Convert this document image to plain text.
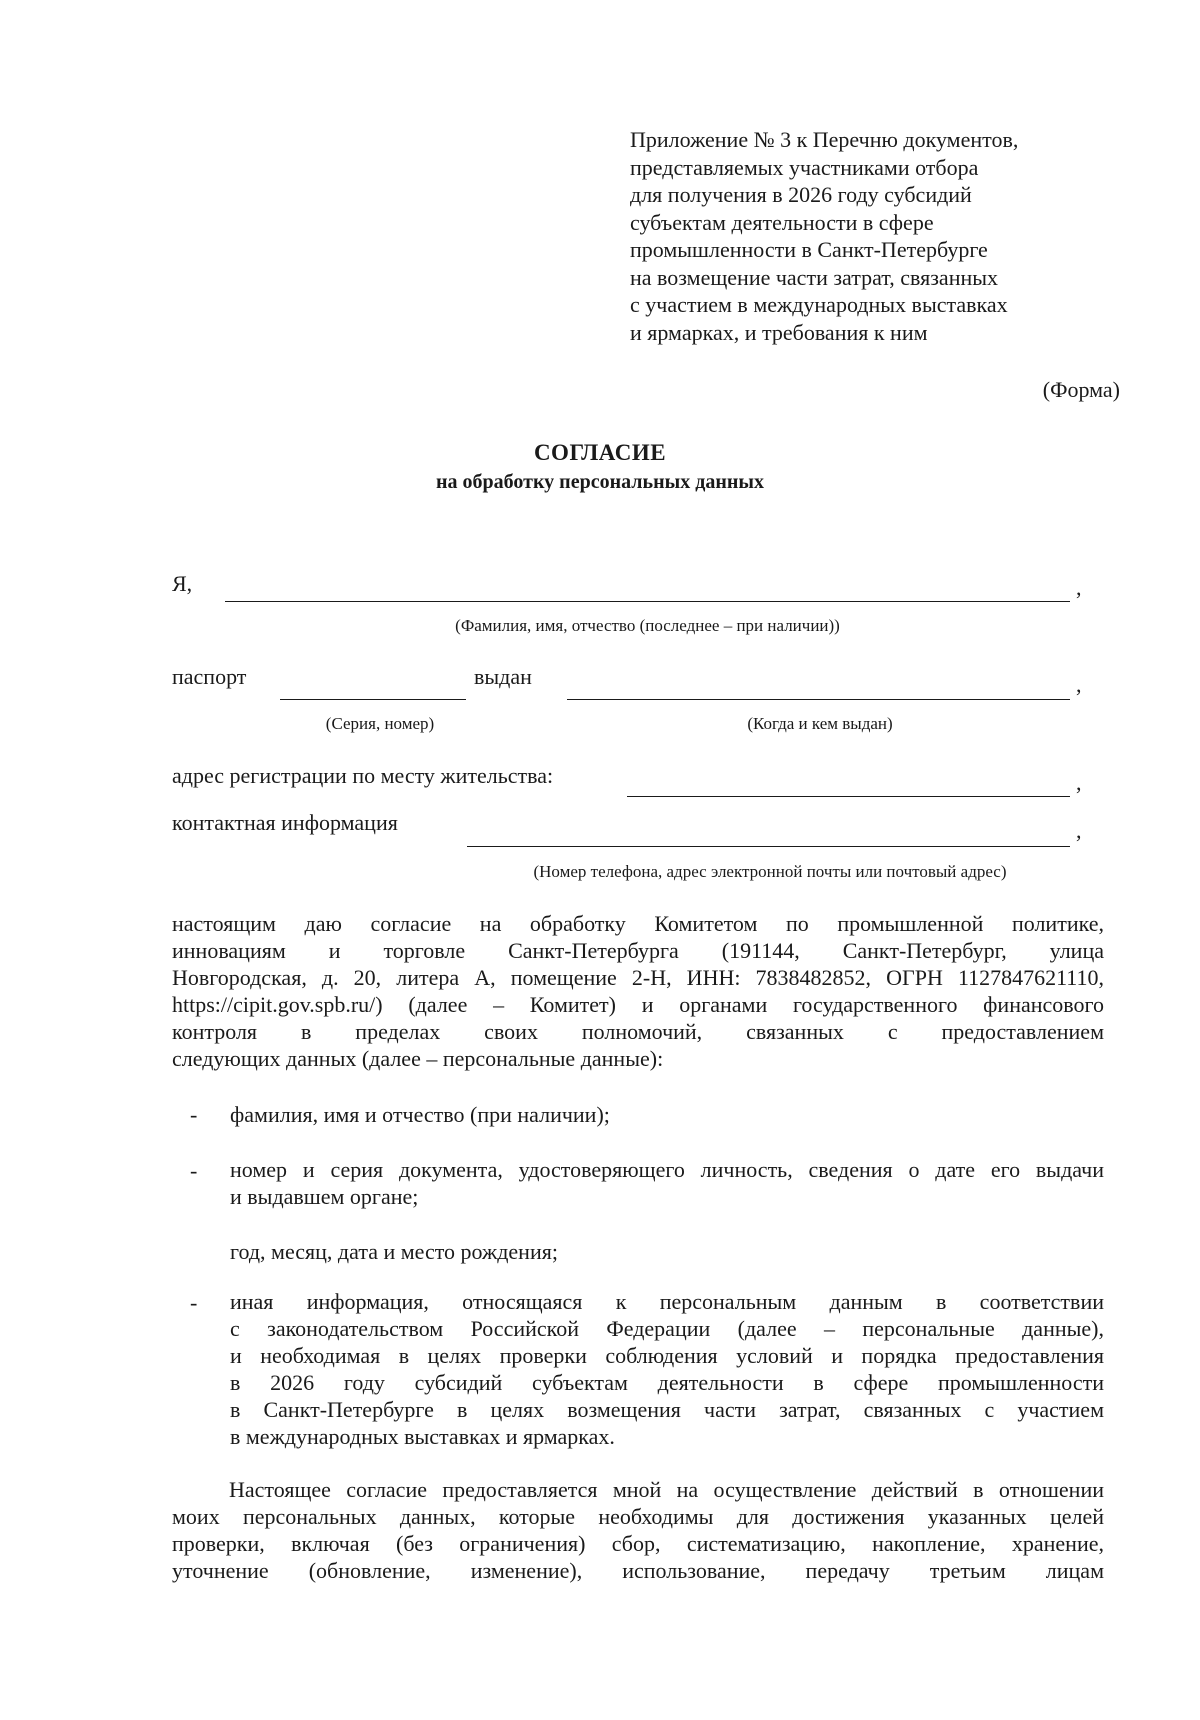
Приложение № 3 к Перечню документов,
представляемых участниками отбора
для получения в 2026 году субсидий
субъектам деятельности в сфере
промышленности в Санкт-Петербурге
на возмещение части затрат, связанных
с участием в международных выставках
и ярмарках, и требования к ним
(Форма)
СОГЛАСИЕ
на обработку персональных данных
Я,	,
(Фамилия, имя, отчество (последнее – при наличии))
паспорт	выдан	,
(Серия, номер)	(Когда и кем выдан)
адрес регистрации по месту жительства:	,
контактная информация	,
(Номер телефона, адрес электронной почты или почтовый адрес)
настоящим даю согласие на обработку Комитетом по промышленной политике,
инновациям и торговле Санкт-Петербурга (191144, Санкт-Петербург, улица
Новгородская, д. 20, литера А, помещение 2-Н, ИНН: 7838482852, ОГРН 1127847621110,
https://cipit.gov.spb.ru/) (далее – Комитет) и органами государственного финансового
контроля в пределах своих полномочий, связанных с предоставлением
следующих данных (далее – персональные данные):
- фамилия, имя и отчество (при наличии);
- номер и серия документа, удостоверяющего личность, сведения о дате его выдачи
и выдавшем органе;
год, месяц, дата и место рождения;
- иная информация, относящаяся к персональным данным в соответствии
с законодательством Российской Федерации (далее – персональные данные),
и необходимая в целях проверки соблюдения условий и порядка предоставления
в 2026 году субсидий субъектам деятельности в сфере промышленности
в Санкт-Петербурге в целях возмещения части затрат, связанных с участием
в международных выставках и ярмарках.
Настоящее согласие предоставляется мной на осуществление действий в отношении
моих персональных данных, которые необходимы для достижения указанных целей
проверки, включая (без ограничения) сбор, систематизацию, накопление, хранение,
уточнение (обновление, изменение), использование, передачу третьим лицам
